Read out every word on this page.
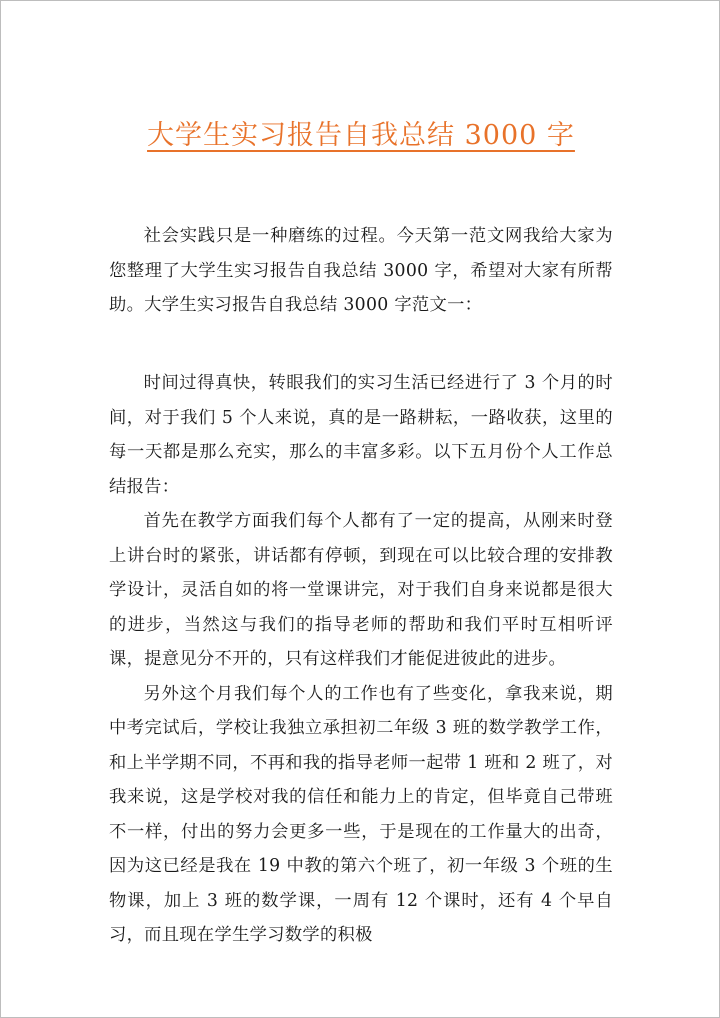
大学生实习报告自我总结 3000 字

社会实践只是一种磨练的过程。今天第一范文网我给大家为您整理了大学生实习报告自我总结 3000 字，希望对大家有所帮助。大学生实习报告自我总结 3000 字范文一：

时间过得真快，转眼我们的实习生活已经进行了 3 个月的时间，对于我们 5 个人来说，真的是一路耕耘，一路收获，这里的每一天都是那么充实，那么的丰富多彩。以下五月份个人工作总结报告：

首先在教学方面我们每个人都有了一定的提高，从刚来时登上讲台时的紧张，讲话都有停顿，到现在可以比较合理的安排教学设计，灵活自如的将一堂课讲完，对于我们自身来说都是很大的进步，当然这与我们的指导老师的帮助和我们平时互相听评课，提意见分不开的，只有这样我们才能促进彼此的进步。

另外这个月我们每个人的工作也有了些变化，拿我来说，期中考完试后，学校让我独立承担初二年级 3 班的数学教学工作，和上半学期不同，不再和我的指导老师一起带 1 班和 2 班了，对我来说，这是学校对我的信任和能力上的肯定，但毕竟自己带班不一样，付出的努力会更多一些，于是现在的工作量大的出奇，因为这已经是我在 19 中教的第六个班了，初一年级 3 个班的生物课，加上 3 班的数学课，一周有 12 个课时，还有 4 个早自习，而且现在学生学习数学的积极
